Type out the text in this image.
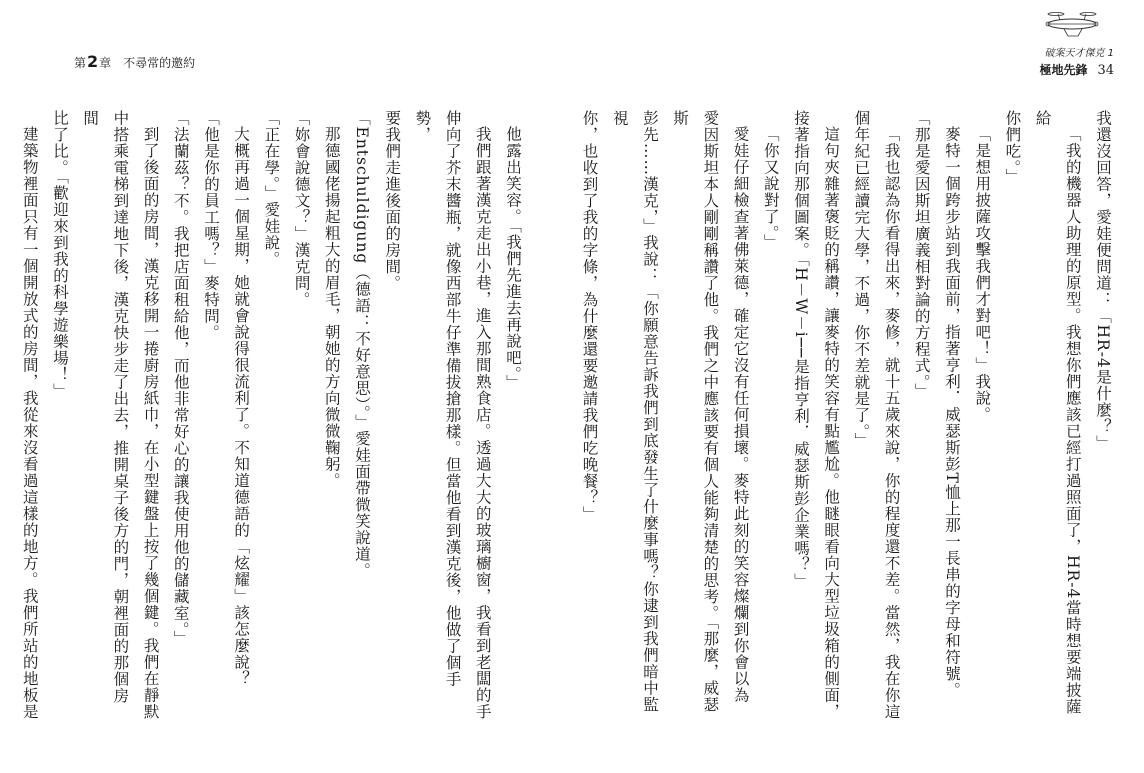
第2章 不尋常的邀約
他露出笑容。「我們先進去再說吧。」
我們跟著漢克走出小巷，進入那間熟食店。透過大大的玻璃櫥窗，我看到老闆的手
伸向了芥末醬瓶，就像西部牛仔準備拔搶那樣。但當他看到漢克後，他做了個手勢，
要我們走進後面的房間。
「Entschuldigung（德語：不好意思）。」愛娃面帶微笑說道。
那德國佬揚起粗大的眉毛，朝她的方向微微鞠躬。
「妳會說德文？」漢克問。
「正在學。」愛娃說。
大概再過一個星期，她就會說得很流利了。不知道德語的「炫耀」該怎麼說？
「他是你的員工嗎？」麥特問。
「法蘭茲？不。我把店面租給他，而他非常好心的讓我使用他的儲藏室。」
到了後面的房間，漢克移開一捲廚房紙巾，在小型鍵盤上按了幾個鍵。我們在靜默
中搭乘電梯到達地下後，漢克快步走了出去，推開桌子後方的門，朝裡面的那個房間
比了比。「歡迎來到我的科學遊樂場！」
建築物裡面只有一個開放式的房間，我從來沒看過這樣的地方。我們所站的地板是
破案天才傑克 1
極地先鋒 34
我還沒回答，愛娃便問道：「HR-4是什麼？」
「我的機器人助理的原型。我想你們應該已經打過照面了，HR-4當時想要端披薩給
你們吃。」
「是想用披薩攻擊我們才對吧！」我說。
麥特一個跨步站到我面前，指著亨利．威瑟斯彭T恤上那一長串的字母和符號。
「那是愛因斯坦廣義相對論的方程式。」
「我也認為你看得出來，麥修，就十五歲來說，你的程度還不差。當然，我在你這
個年紀已經讀完大學，不過，你不差就是了。」
這句夾雜著褒貶的稱讚，讓麥特的笑容有點尷尬。他瞇眼看向大型垃圾箱的側面，
接著指向那個圖案。「H－W－i──是指亨利．威瑟斯彭企業嗎？」
「你又說對了。」
愛娃仔細檢查著佛萊德，確定它沒有任何損壞。麥特此刻的笑容燦爛到你會以為
愛因斯坦本人剛剛稱讚了他。我們之中應該要有個人能夠清楚的思考。「那麼，威瑟斯
彭先……漢克，」我說：「你願意告訴我們到底發生了什麼事嗎？你逮到我們暗中監視
你，也收到了我的字條，為什麼還要邀請我們吃晚餐？」
